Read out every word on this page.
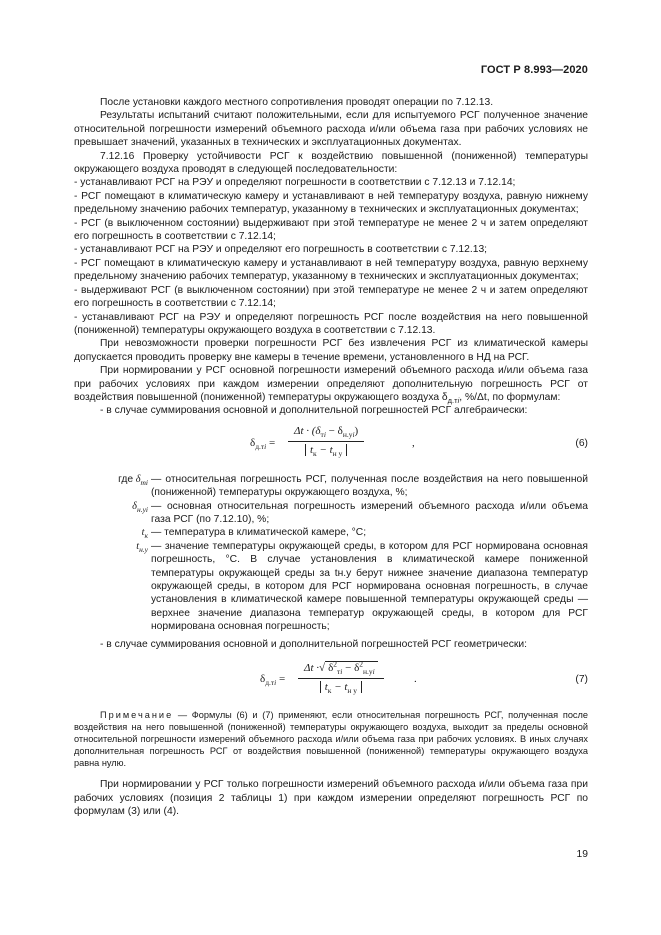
ГОСТ Р 8.993—2020

После установки каждого местного сопротивления проводят операции по 7.12.13.

Результаты испытаний считают положительными, если для испытуемого РСГ полученное значение относительной погрешности измерений объемного расхода и/или объема газа при рабочих условиях не превышает значений, указанных в технических и эксплуатационных документах.

7.12.16 Проверку устойчивости РСГ к воздействию повышенной (пониженной) температуры окружающего воздуха проводят в следующей последовательности:

- устанавливают РСГ на РЭУ и определяют погрешности в соответствии с 7.12.13 и 7.12.14;

- РСГ помещают в климатическую камеру и устанавливают в ней температуру воздуха, равную нижнему предельному значению рабочих температур, указанному в технических и эксплуатационных документах;

- РСГ (в выключенном состоянии) выдерживают при этой температуре не менее 2 ч и затем определяют его погрешность в соответствии с 7.12.14;

- устанавливают РСГ на РЭУ и определяют его погрешность в соответствии с 7.12.13;

- РСГ помещают в климатическую камеру и устанавливают в ней температуру воздуха, равную верхнему предельному значению рабочих температур, указанному в технических и эксплуатационных документах;

- выдерживают РСГ (в выключенном состоянии) при этой температуре не менее 2 ч и затем определяют его погрешность в соответствии с 7.12.14;

- устанавливают РСГ на РЭУ и определяют погрешность РСГ после воздействия на него повышенной (пониженной) температуры окружающего воздуха в соответствии с 7.12.13.

При невозможности проверки погрешности РСГ без извлечения РСГ из климатической камеры допускается проводить проверку вне камеры в течение времени, установленного в НД на РСГ.

При нормировании у РСГ основной погрешности измерений объемного расхода и/или объема газа при рабочих условиях при каждом измерении определяют дополнительную погрешность РСГ от воздействия повышенной (пониженной) температуры окружающего воздуха $\delta_{д.тi}$, %/Δt, по формулам:

- в случае суммирования основной и дополнительной погрешностей РСГ алгебраически:

$\delta_{д.тi}$ =
$\Delta t \cdot (\delta_{тi} - \delta_{н.уi})$
$t_к - t_{н у}$
,	(6)
где $\delta_{тi}$ — относительная погрешность РСГ, полученная после воздействия на него повышенной (пониженной) температуры окружающего воздуха, %;
$\delta_{н.уi}$ — основная относительная погрешность измерений объемного расхода и/или объема газа РСГ (по 7.12.10), %;
$t_к$ — температура в климатической камере, °С;
$t_{н.у}$ — значение температуры окружающей среды, в котором для РСГ нормирована основная погрешность, °С. В случае установления в климатической камере пониженной температуры окружающей среды за tн.у берут нижнее значение диапазона температур окружающей среды, в котором для РСГ нормирована основная погрешность, в случае установления в климатической камере повышенной температуры окружающей среды — верхнее значение диапазона температур окружающей среды, в котором для РСГ нормирована основная погрешность;

- в случае суммирования основной и дополнительной погрешностей РСГ геометрически:

$\delta_{д.тi}$ =
Δt ·√ $\delta^2_{тi} - \delta^2_{н.уi}$
$t_к - t_{н у}$
.	(7)

Примечание — Формулы (6) и (7) применяют, если относительная погрешность РСГ, полученная после воздействия на него повышенной (пониженной) температуры окружающего воздуха, выходит за пределы основной относительной погрешности измерений объемного расхода и/или объема газа при рабочих условиях. В иных случаях дополнительная погрешность РСГ от воздействия повышенной (пониженной) температуры окружающего воздуха равна нулю.

При нормировании у РСГ только погрешности измерений объемного расхода и/или объема газа при рабочих условиях (позиция 2 таблицы 1) при каждом измерении определяют погрешность РСГ по формулам (3) или (4).

19
